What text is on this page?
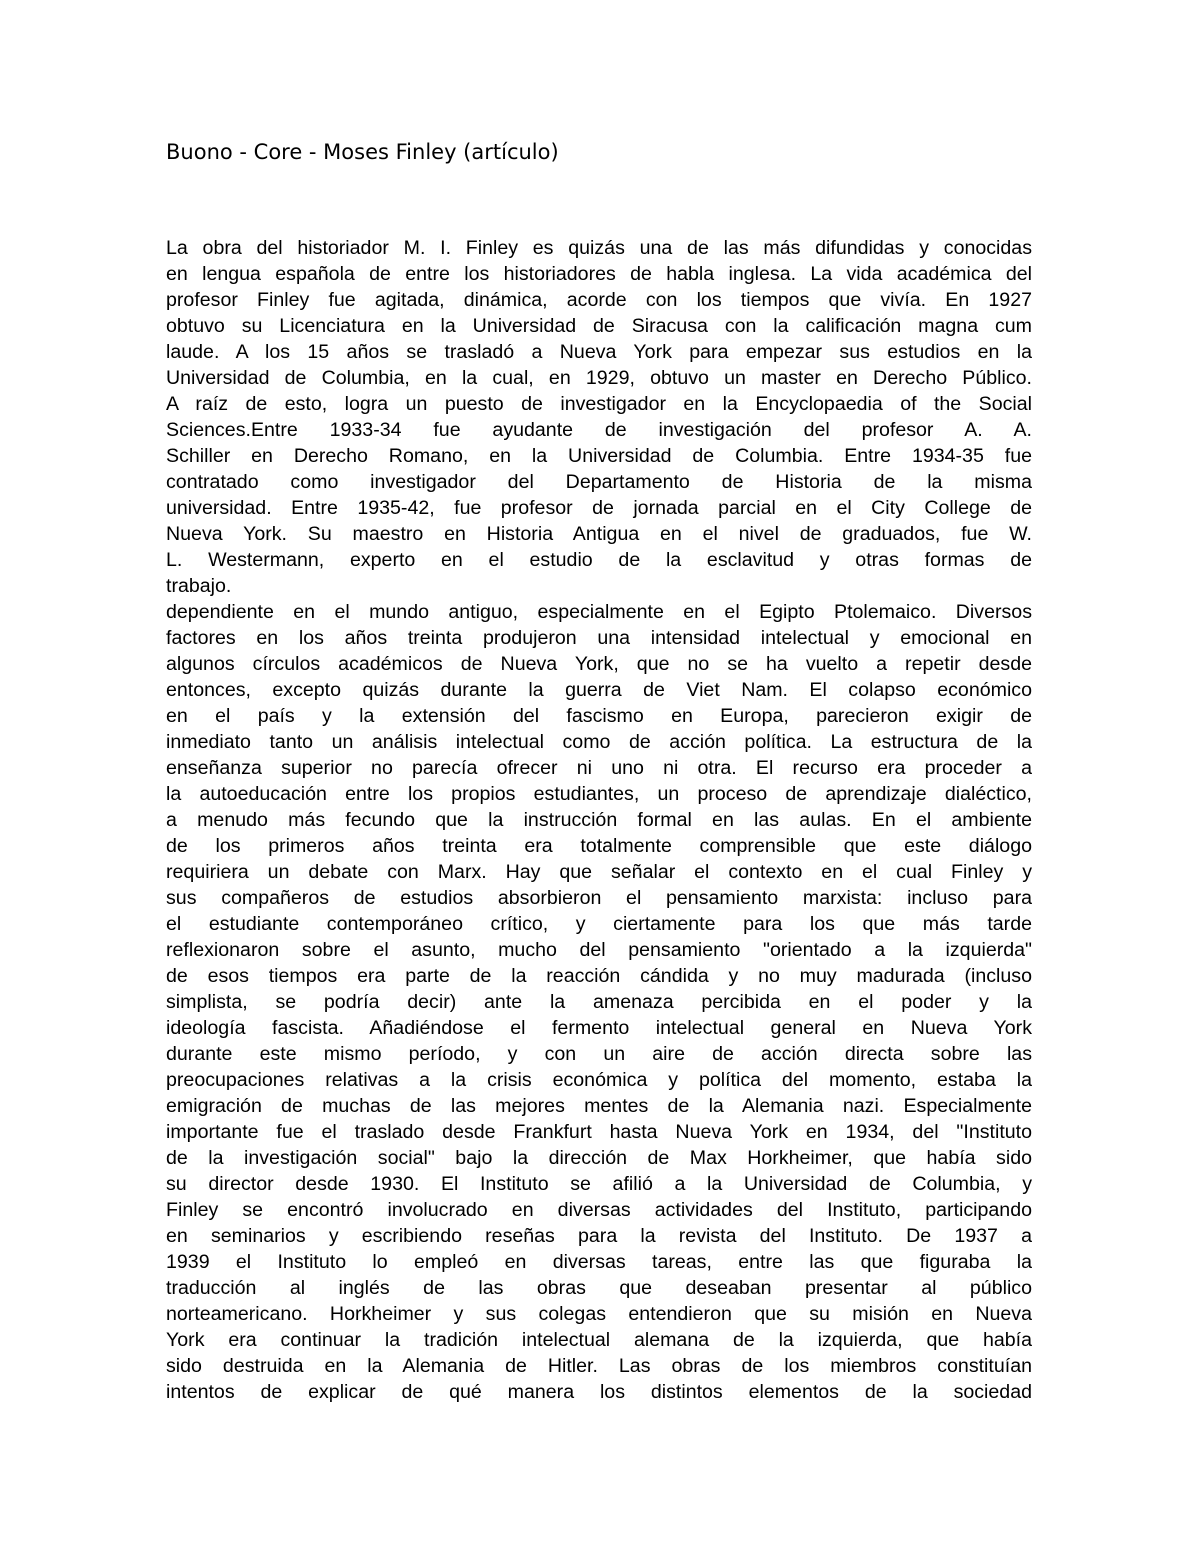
Buono - Core - Moses Finley (artículo)
La obra del historiador M. I. Finley es quizás una de las más difundidas y conocidas
en lengua española de entre los historiadores de habla inglesa. La vida académica del
profesor Finley fue agitada, dinámica, acorde con los tiempos que vivía. En 1927
obtuvo su Licenciatura en la Universidad de Siracusa con la calificación magna cum
laude. A los 15 años se trasladó a Nueva York para empezar sus estudios en la
Universidad de Columbia, en la cual, en 1929, obtuvo un master en Derecho Público.
A raíz de esto, logra un puesto de investigador en la Encyclopaedia of the Social
Sciences.Entre 1933-34 fue ayudante de investigación del profesor A. A.
Schiller en Derecho Romano, en la Universidad de Columbia. Entre 1934-35 fue
contratado como investigador del Departamento de Historia de la misma
universidad. Entre 1935-42, fue profesor de jornada parcial en el City College de
Nueva York. Su maestro en Historia Antigua en el nivel de graduados, fue W.
L. Westermann, experto en el estudio de la esclavitud y otras formas de
trabajo.
dependiente en el mundo antiguo, especialmente en el Egipto Ptolemaico. Diversos
factores en los años treinta produjeron una intensidad intelectual y emocional en
algunos círculos académicos de Nueva York, que no se ha vuelto a repetir desde
entonces, excepto quizás durante la guerra de Viet Nam. El colapso económico
en el país y la extensión del fascismo en Europa, parecieron exigir de
inmediato tanto un análisis intelectual como de acción política. La estructura de la
enseñanza superior no parecía ofrecer ni uno ni otra. El recurso era proceder a
la autoeducación entre los propios estudiantes, un proceso de aprendizaje dialéctico,
a menudo más fecundo que la instrucción formal en las aulas. En el ambiente
de los primeros años treinta era totalmente comprensible que este diálogo
requiriera un debate con Marx. Hay que señalar el contexto en el cual Finley y
sus compañeros de estudios absorbieron el pensamiento marxista: incluso para
el estudiante contemporáneo crítico, y ciertamente para los que más tarde
reflexionaron sobre el asunto, mucho del pensamiento "orientado a la izquierda"
de esos tiempos era parte de la reacción cándida y no muy madurada (incluso
simplista, se podría decir) ante la amenaza percibida en el poder y la
ideología fascista. Añadiéndose el fermento intelectual general en Nueva York
durante este mismo período, y con un aire de acción directa sobre las
preocupaciones relativas a la crisis económica y política del momento, estaba la
emigración de muchas de las mejores mentes de la Alemania nazi. Especialmente
importante fue el traslado desde Frankfurt hasta Nueva York en 1934, del "Instituto
de la investigación social" bajo la dirección de Max Horkheimer, que había sido
su director desde 1930. El Instituto se afilió a la Universidad de Columbia, y
Finley se encontró involucrado en diversas actividades del Instituto, participando
en seminarios y escribiendo reseñas para la revista del Instituto. De 1937 a
1939 el Instituto lo empleó en diversas tareas, entre las que figuraba la
traducción al inglés de las obras que deseaban presentar al público
norteamericano. Horkheimer y sus colegas entendieron que su misión en Nueva
York era continuar la tradición intelectual alemana de la izquierda, que había
sido destruida en la Alemania de Hitler. Las obras de los miembros constituían
intentos de explicar de qué manera los distintos elementos de la sociedad
